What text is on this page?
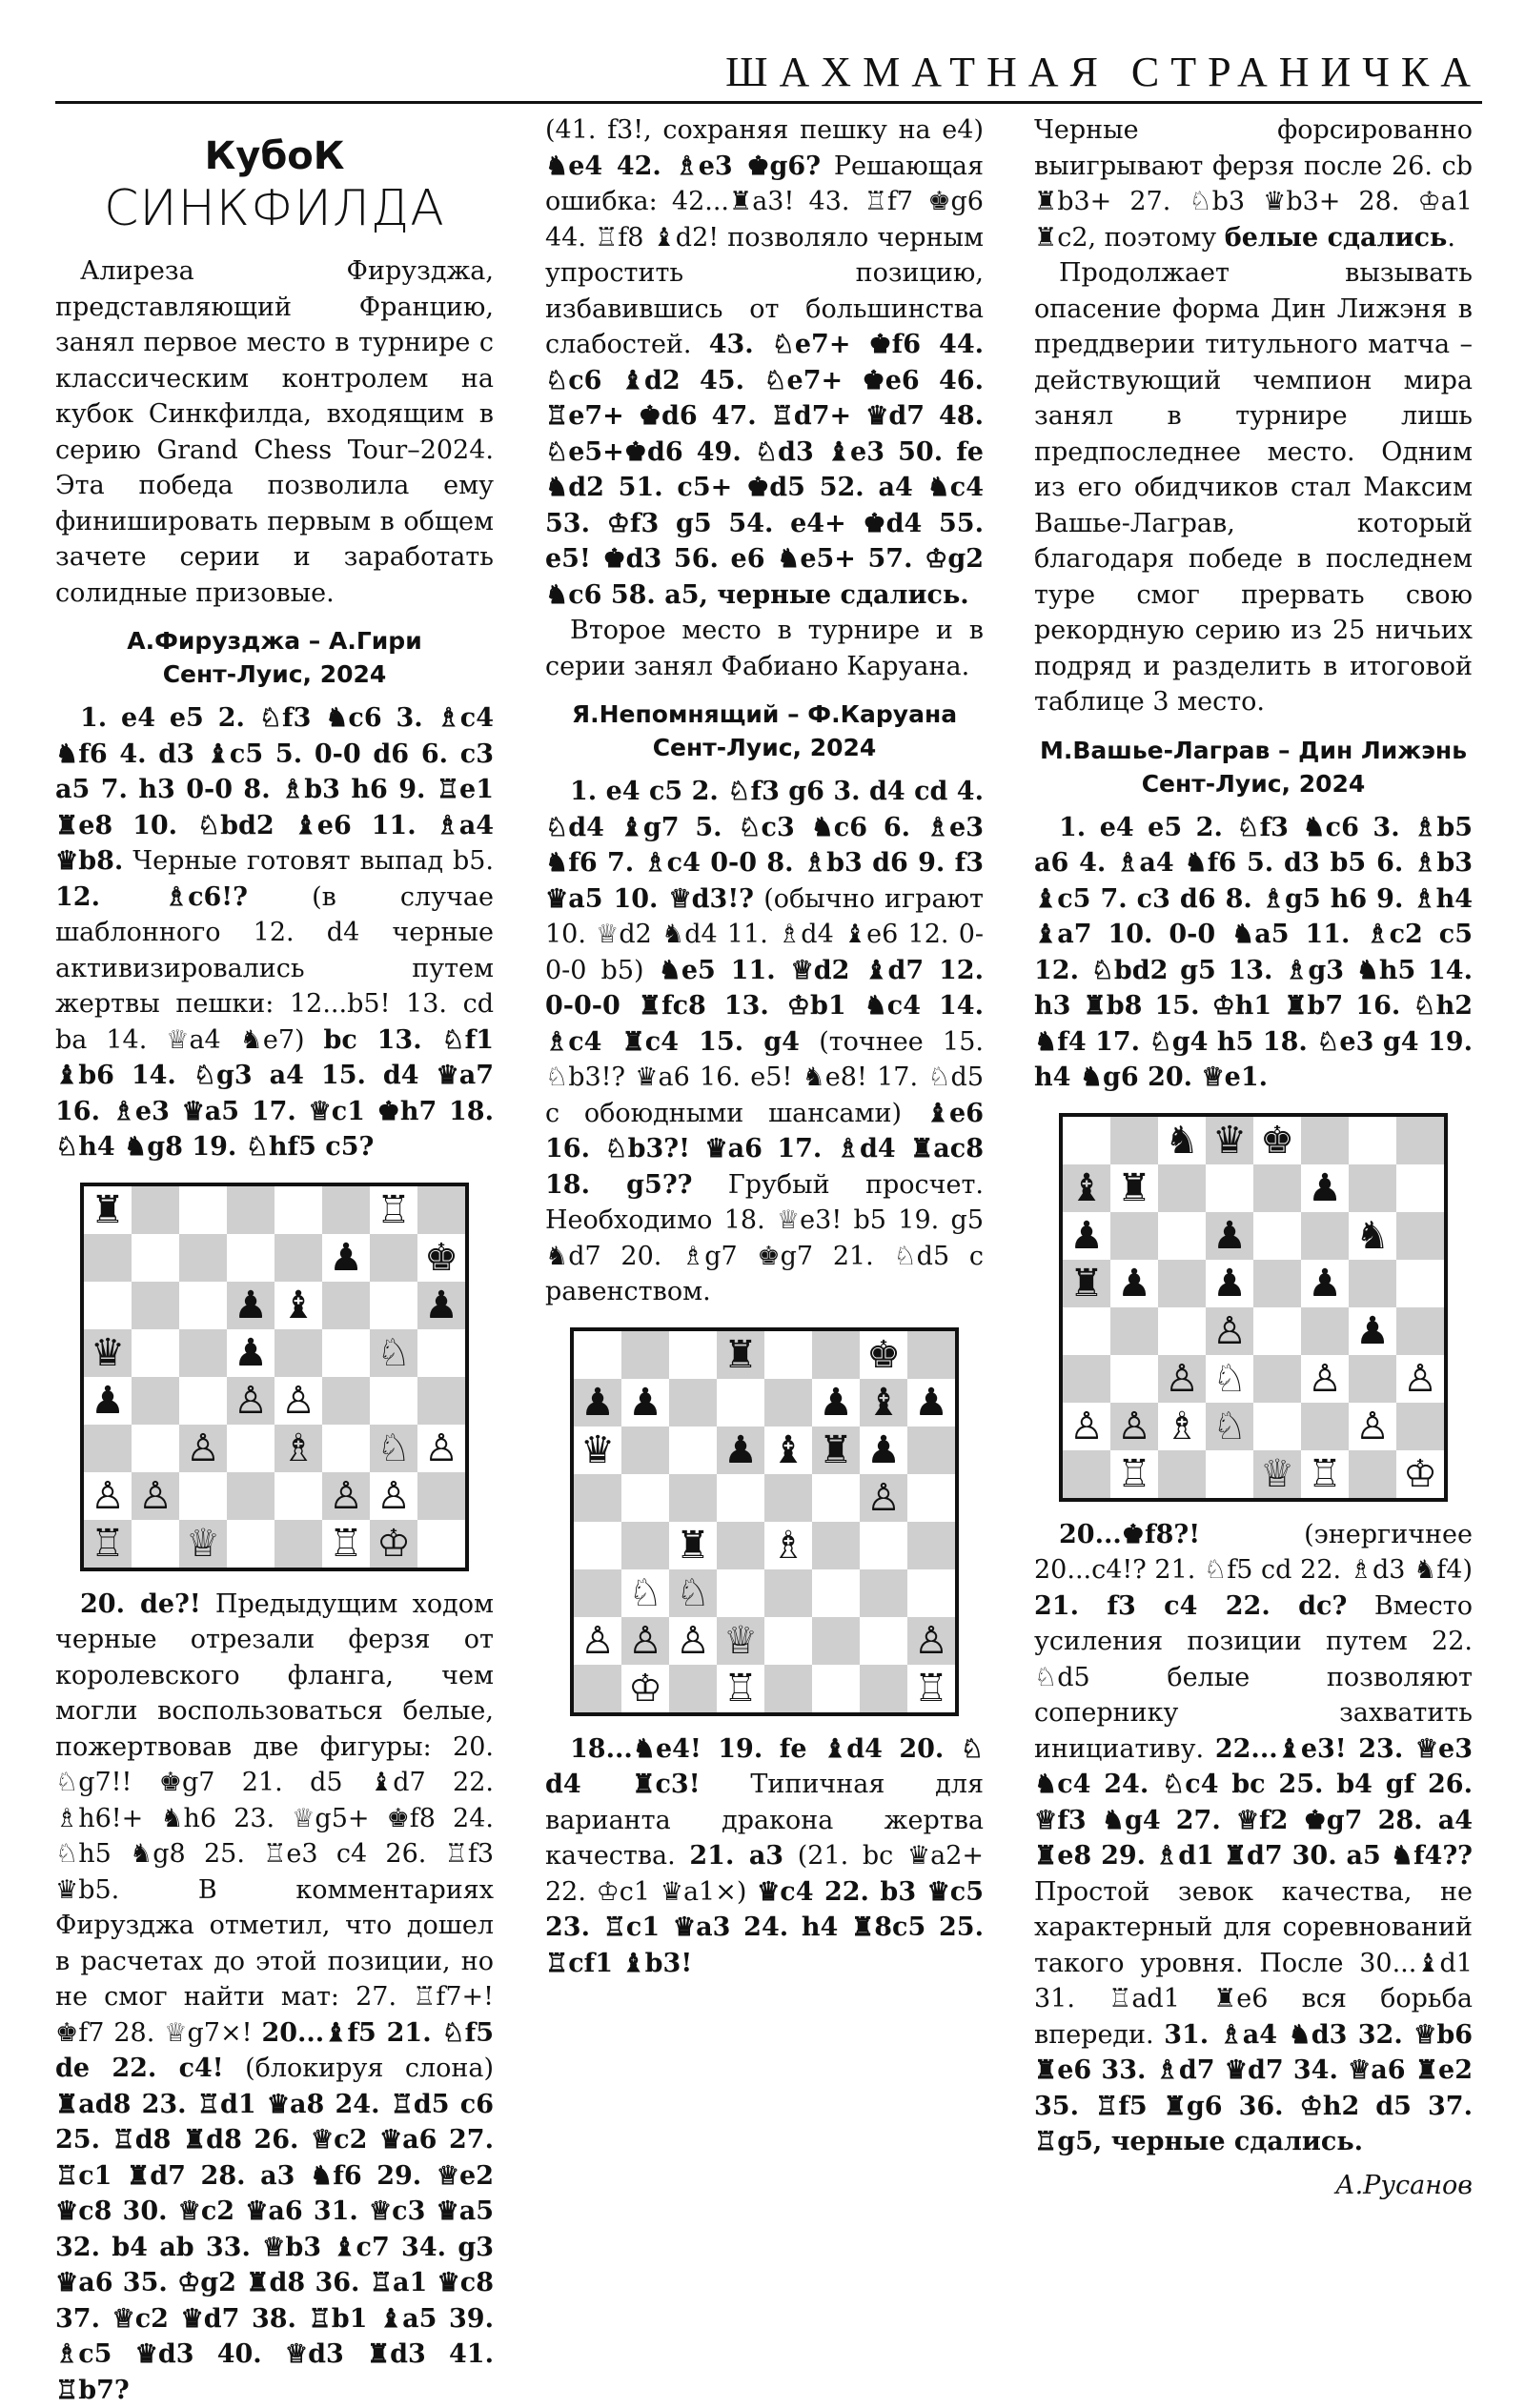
ШАХМАТНАЯ СТРАНИЧКА
КубоК
СИНКФИЛДА

Алиреза Фирузджа, представляющий Францию, занял первое место в турнире с классическим контролем на кубок Синкфилда, входящим в серию Grand Chess Tour–2024. Эта победа позволила ему финишировать первым в общем зачете серии и заработать солидные призовые.

А.Фирузджа – А.Гири
Сент-Луис, 2024

1. e4 e5 2. ♘f3 ♞c6 3. ♗c4 ♞f6 4. d3 ♝c5 5. 0-0 d6 6. c3 a5 7. h3 0-0 8. ♗b3 h6 9. ♖e1 ♜e8 10. ♘bd2 ♝e6 11. ♗a4 ♛b8. Черные готовят выпад b5. 12. ♗c6!? (в случае шаблонного 12. d4 черные активизировались путем жертвы пешки: 12...b5! 13. cd ba 14. ♕a4 ♞e7) bc 13. ♘f1 ♝b6 14. ♘g3 a4 15. d4 ♛a7 16. ♗e3 ♛a5 17. ♕c1 ♚h7 18. ♘h4 ♞g8 19. ♘hf5 c5?

♜	♖
♟ ♚
♟ ♝	♟
♛	♟	♘
♟	♙ ♙
♙ ♗ ♘ ♙
♙ ♙	♙ ♙
♖ ♕	♖ ♔

20. de?! Предыдущим ходом черные отрезали ферзя от королевского фланга, чем могли воспользоваться белые, пожертвовав две фигуры: 20. ♘g7!! ♚g7 21. d5 ♝d7 22. ♗h6!+ ♞h6 23. ♕g5+ ♚f8 24. ♘h5 ♞g8 25. ♖e3 c4 26. ♖f3 ♛b5. В комментариях Фирузджа отметил, что дошел в расчетах до этой позиции, но не смог найти мат: 27. ♖f7+! ♚f7 28. ♕g7×! 20...♝f5 21. ♘f5 de 22. c4! (блокируя слона) ♜ad8 23. ♖d1 ♛a8 24. ♖d5 c6 25. ♖d8 ♜d8 26. ♕c2 ♛a6 27. ♖c1 ♜d7 28. a3 ♞f6 29. ♕e2 ♛c8 30. ♕c2 ♛a6 31. ♕c3 ♛a5 32. b4 ab 33. ♕b3 ♝c7 34. g3 ♛a6 35. ♔g2 ♜d8 36. ♖a1 ♛c8 37. ♕c2 ♛d7 38. ♖b1 ♝a5 39. ♗c5 ♛d3 40. ♕d3 ♜d3 41. ♖b7?

(41. f3!, сохраняя пешку на e4) ♞e4 42. ♗e3 ♚g6? Решающая ошибка: 42...♜a3! 43. ♖f7 ♚g6 44. ♖f8 ♝d2! позволяло черным упростить позицию, избавившись от большинства слабостей. 43. ♘e7+ ♚f6 44. ♘c6 ♝d2 45. ♘e7+ ♚e6 46. ♖e7+ ♚d6 47. ♖d7+ ♛d7 48. ♘e5+♚d6 49. ♘d3 ♝e3 50. fe ♞d2 51. c5+ ♚d5 52. a4 ♞c4 53. ♔f3 g5 54. e4+ ♚d4 55. e5! ♚d3 56. e6 ♞e5+ 57. ♔g2 ♞c6 58. a5, черные сдались.

Второе место в турнире и в серии занял Фабиано Каруана.

Я.Непомнящий – Ф.Каруана
Сент-Луис, 2024

1. e4 c5 2. ♘f3 g6 3. d4 cd 4. ♘d4 ♝g7 5. ♘c3 ♞c6 6. ♗e3 ♞f6 7. ♗c4 0-0 8. ♗b3 d6 9. f3 ♛a5 10. ♕d3!? (обычно играют 10. ♕d2 ♞d4 11. ♗d4 ♝e6 12. 0-0-0 b5) ♞e5 11. ♕d2 ♝d7 12. 0-0-0 ♜fc8 13. ♔b1 ♞c4 14. ♗c4 ♜c4 15. g4 (точнее 15. ♘b3!? ♛a6 16. e5! ♞e8! 17. ♘d5 с обоюдными шансами) ♝e6 16. ♘b3?! ♛a6 17. ♗d4 ♜ac8 18. g5?? Грубый просчет. Необходимо 18. ♕e3! b5 19. g5 ♞d7 20. ♗g7 ♚g7 21. ♘d5 с равенством.

♜	♚
♟ ♟	♟ ♝ ♟
♛	♟ ♝ ♜ ♟
♙
♜ ♗
♘ ♘
♙ ♙ ♙ ♕	♙
♔ ♖	♖

18...♞e4! 19. fe ♝d4 20. ♘ d4 ♜c3! Типичная для варианта дракона жертва качества. 21. a3 (21. bc ♛a2+ 22. ♔c1 ♛a1×) ♛c4 22. b3 ♛c5 23. ♖c1 ♛a3 24. h4 ♜8c5 25. ♖cf1 ♝b3!

Черные форсированно выигрывают ферзя после 26. cb ♜b3+ 27. ♘b3 ♛b3+ 28. ♔a1 ♜c2, поэтому белые сдались.

Продолжает вызывать опасение форма Дин Лижэня в преддверии титульного матча – действующий чемпион мира занял в турнире лишь предпоследнее место. Одним из его обидчиков стал Максим Вашье-Лаграв, который благодаря победе в последнем туре смог прервать свою рекордную серию из 25 ничьих подряд и разделить в итоговой таблице 3 место.

М.Вашье-Лаграв – Дин Лижэнь
Сент-Луис, 2024

1. e4 e5 2. ♘f3 ♞c6 3. ♗b5 a6 4. ♗a4 ♞f6 5. d3 b5 6. ♗b3 ♝c5 7. c3 d6 8. ♗g5 h6 9. ♗h4 ♝a7 10. 0-0 ♞a5 11. ♗c2 c5 12. ♘bd2 g5 13. ♗g3 ♞h5 14. h3 ♜b8 15. ♔h1 ♜b7 16. ♘h2 ♞f4 17. ♘g4 h5 18. ♘e3 g4 19. h4 ♞g6 20. ♕e1.

♞ ♛ ♚
♝ ♜	♟
♟	♟	♞
♜ ♟ ♟ ♟
♙	♟
♙ ♘ ♙ ♙
♙ ♙ ♗ ♘	♙
♖	♕ ♖ ♔

20...♚f8?!	(энергичнее 20...c4!? 21. ♘f5 cd 22. ♗d3 ♞f4) 21. f3 c4 22. dc? Вместо усиления позиции путем 22. ♘d5 белые позволяют сопернику захватить инициативу. 22...♝e3! 23. ♕e3 ♞c4 24. ♘c4 bc 25. b4 gf 26. ♕f3 ♞g4 27. ♕f2 ♚g7 28. a4 ♜e8 29. ♗d1 ♜d7 30. a5 ♞f4?? Простой зевок качества, не характерный для соревнований такого уровня. После 30...♝d1 31. ♖ad1 ♜e6 вся борьба впереди. 31. ♗a4 ♞d3 32. ♕b6 ♜e6 33. ♗d7 ♛d7 34. ♕a6 ♜e2 35. ♖f5 ♜g6 36. ♔h2 d5 37. ♖g5, черные сдались.

А.Русанов
